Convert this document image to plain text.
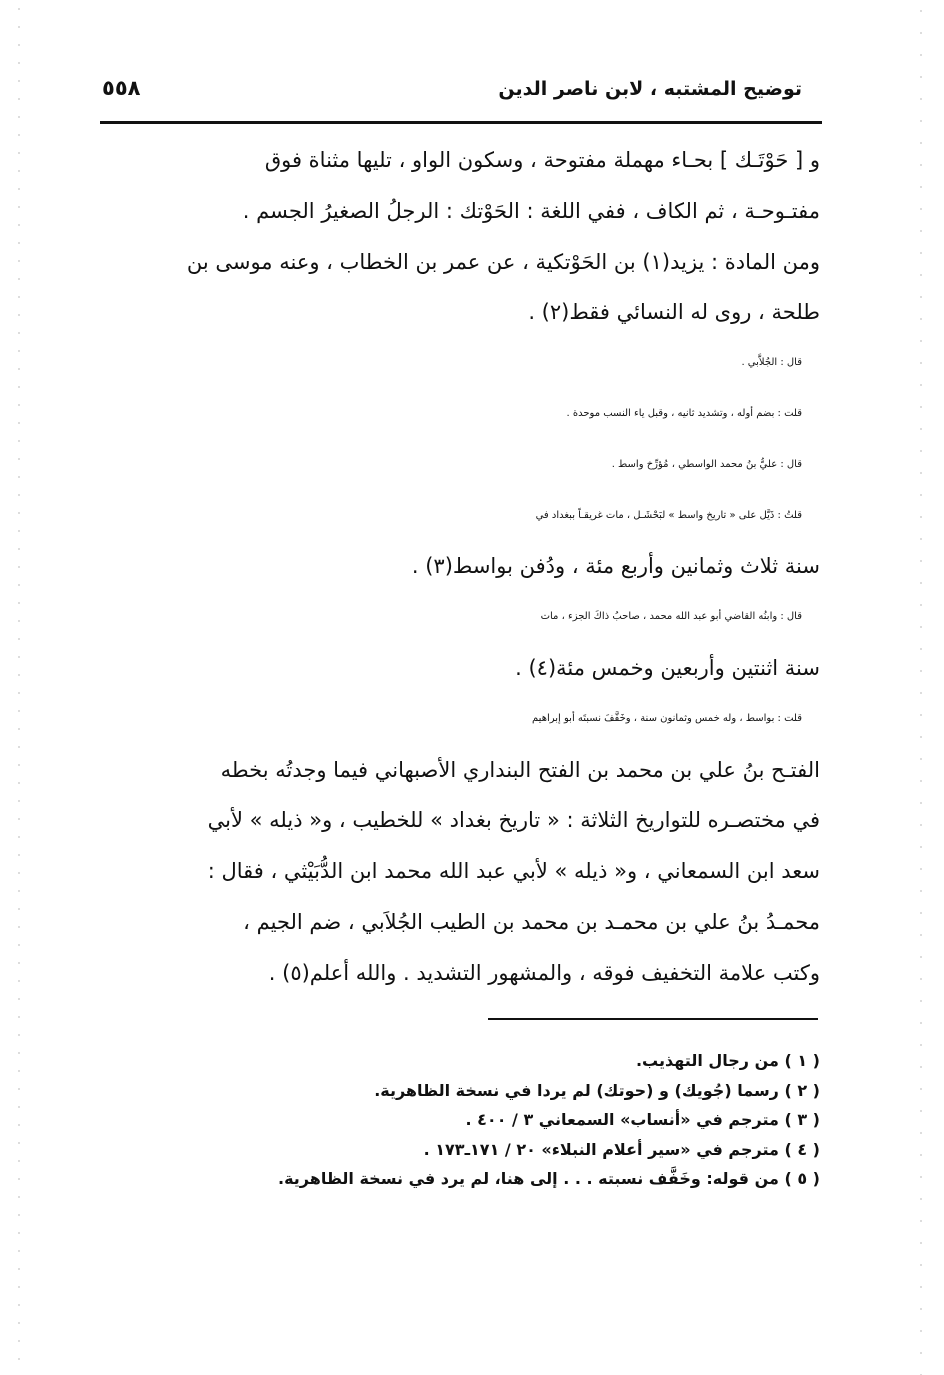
توضيح المشتبه ، لابن ناصر الدين
٥٥٨
و [ حَوْتَـك ] بحـاء مهملة مفتوحة ، وسكون الواو ، تليها مثناة فوق
مفتـوحـة ، ثم الكاف ، ففي اللغة : الحَوْتك : الرجلُ الصغيرُ الجسم .
ومن المادة : يزيد(١) بن الحَوْتكية ، عن عمر بن الخطاب ، وعنه موسى بن
طلحة ، روى له النسائي فقط(٢) .
قال : الجُلاَّبي .
قلت : بضم أوله ، وتشديد ثانيه ، وقبل ياء النسب موحدة .
قال : عليُّ بنُ محمد الواسطي ، مُؤرِّخ واسط .
قلتُ : ذَيَّل على « تاريخ واسط » لبَحْشَـل ، مات غريقـاً ببغداد في
سنة ثلاث وثمانين وأربع مئة ، ودُفن بواسط(٣) .
قال : وابنُه القاضي أبو عبد الله محمد ، صاحبُ ذاكَ الجزء ، مات
سنة اثنتين وأربعين وخمس مئة(٤) .
قلت : بواسط ، وله خمس وثمانون سنة ، وخَفَّفَ نسبتَه أبو إبراهيم
الفتـح بنُ علي بن محمد بن الفتح البنداري الأصبهاني فيما وجدتُه بخطه
في مختصـره للتواريخ الثلاثة : « تاريخ بغداد » للخطيب ، و« ذيله » لأبي
سعد ابن السمعاني ، و« ذيله » لأبي عبد الله محمد ابن الدُّبَيْثي ، فقال :
محمـدُ بنُ علي بن محمـد بن محمد بن الطيب الجُلاَبي ، ضم الجيم ،
وكتب علامة التخفيف فوقه ، والمشهور التشديد . والله أعلم(٥) .
( ١ ) من رجال التهذيب.
( ٢ ) رسما (جُويك) و (حوتك) لم يردا في نسخة الظاهرية.
( ٣ ) مترجم في «أنساب» السمعاني ٣ / ٤٠٠ .
( ٤ ) مترجم في «سير أعلام النبلاء» ٢٠ / ١٧١ـ١٧٣ .
( ٥ ) من قوله: وخَفَّف نسبته . . . إلى هنا، لم يرد في نسخة الظاهرية.
